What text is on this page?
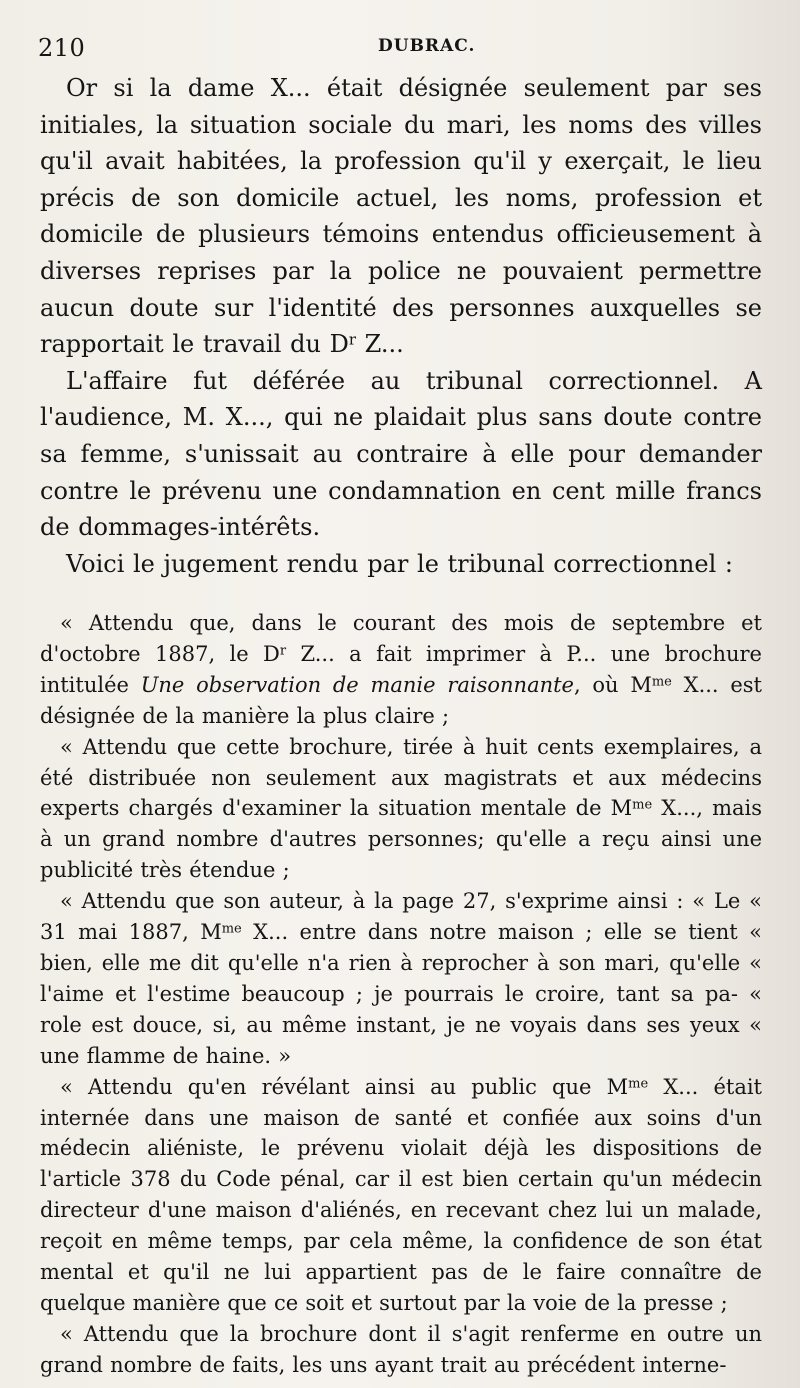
210	DUBRAC.

Or si la dame X... était désignée seulement par ses initiales, la situation sociale du mari, les noms des villes qu'il avait habitées, la profession qu'il y exerçait, le lieu précis de son domicile actuel, les noms, profession et domicile de plusieurs témoins entendus officieusement à diverses reprises par la police ne pouvaient permettre aucun doute sur l'identité des personnes auxquelles se rapportait le travail du $D^r$ Z...

L'affaire fut déférée au tribunal correctionnel. A l'audience, M. X..., qui ne plaidait plus sans doute contre sa femme, s'unissait au contraire à elle pour demander contre le prévenu une condamnation en cent mille francs de dommages-intérêts.

Voici le jugement rendu par le tribunal correctionnel :

« Attendu que, dans le courant des mois de septembre et d'octobre 1887, le $D^r$ Z... a fait imprimer à P... une brochure intitulée Une observation de manie raisonnante, où $M^{me}$ X... est désignée de la manière la plus claire ;

« Attendu que cette brochure, tirée à huit cents exemplaires, a été distribuée non seulement aux magistrats et aux médecins experts chargés d'examiner la situation mentale de $M^{me}$ X..., mais à un grand nombre d'autres personnes; qu'elle a reçu ainsi une publicité très étendue ;

« Attendu que son auteur, à la page 27, s'exprime ainsi : « Le « 31 mai 1887, $M^{me}$ X... entre dans notre maison ; elle se tient « bien, elle me dit qu'elle n'a rien à reprocher à son mari, qu'elle « l'aime et l'estime beaucoup ; je pourrais le croire, tant sa pa- « role est douce, si, au même instant, je ne voyais dans ses yeux « une flamme de haine. »

« Attendu qu'en révélant ainsi au public que $M^{me}$ X... était internée dans une maison de santé et confiée aux soins d'un médecin aliéniste, le prévenu violait déjà les dispositions de l'article 378 du Code pénal, car il est bien certain qu'un médecin directeur d'une maison d'aliénés, en recevant chez lui un malade, reçoit en même temps, par cela même, la confidence de son état mental et qu'il ne lui appartient pas de le faire connaître de quelque manière que ce soit et surtout par la voie de la presse ;

« Attendu que la brochure dont il s'agit renferme en outre un grand nombre de faits, les uns ayant trait au précédent interne-
